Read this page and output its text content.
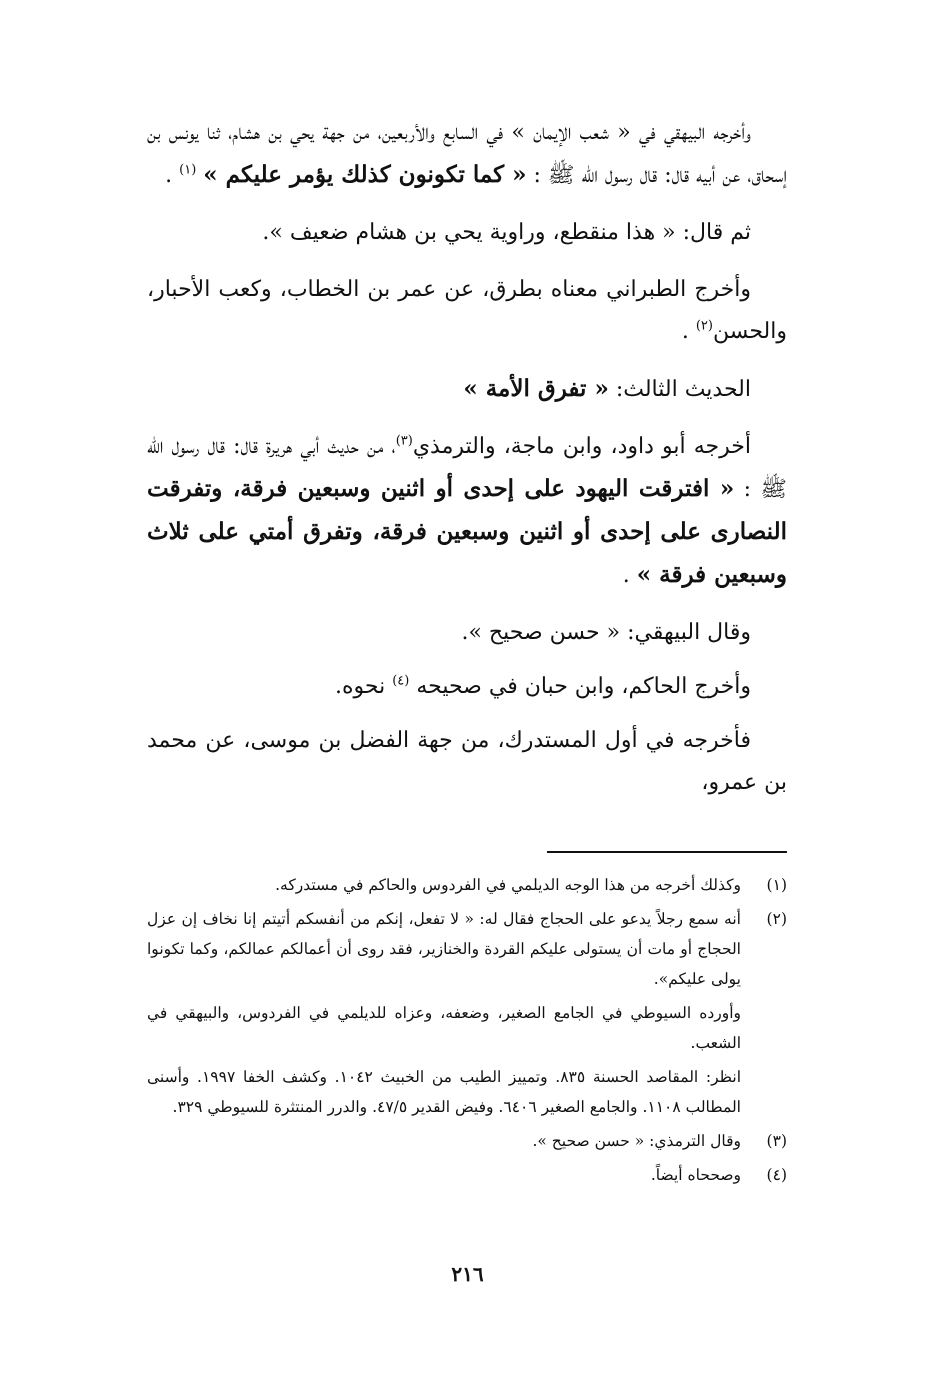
وأخرجه البيهقي في « شعب الإيمان » في السابع والأربعين، من جهة يحي بن هشام، ثنا يونس بن إسحاق، عن أبيه قال: قال رسول الله ﷺ : « كما تكونون كذلك يؤمر عليكم » $^{(١)}$ .

ثم قال: « هذا منقطع، وراوية يحي بن هشام ضعيف ».

وأخرج الطبراني معناه بطرق، عن عمر بن الخطاب، وكعب الأحبار، والحسن$^{(٢)}$ .

الحديث الثالث: « تفرق الأمة »

أخرجه أبو داود، وابن ماجة، والترمذي$^{(٣)}$، من حديث أبي هريرة قال: قال رسول الله ﷺ : « افترقت اليهود على إحدى أو اثنين وسبعين فرقة، وتفرقت النصارى على إحدى أو اثنين وسبعين فرقة، وتفرق أمتي على ثلاث وسبعين فرقة » .

وقال البيهقي: « حسن صحيح ».

وأخرج الحاكم، وابن حبان في صحيحه $^{(٤)}$ نحوه.

فأخرجه في أول المستدرك، من جهة الفضل بن موسى، عن محمد بن عمرو،

(١)
وكذلك أخرجه من هذا الوجه الديلمي في الفردوس والحاكم في مستدركه.

(٢)
أنه سمع رجلاً يدعو على الحجاج فقال له: « لا تفعل، إنكم من أنفسكم أتيتم إنا نخاف إن عزل الحجاج أو مات أن يستولى عليكم القردة والخنازير، فقد روى أن أعمالكم عمالكم، وكما تكونوا يولى عليكم».

وأورده السيوطي في الجامع الصغير، وضعفه، وعزاه للديلمي في الفردوس، والبيهقي في الشعب.

انظر: المقاصد الحسنة ٨٣٥. وتمييز الطيب من الخبيث ١٠٤٢. وكشف الخفا ١٩٩٧. وأسنى المطالب ١١٠٨. والجامع الصغير ٦٤٠٦. وفيض القدير ٤٧/٥. والدرر المنتثرة للسيوطي ٣٢٩.

(٣)
وقال الترمذي: « حسن صحيح ».

(٤)
وصححاه أيضاً.

٢١٦
